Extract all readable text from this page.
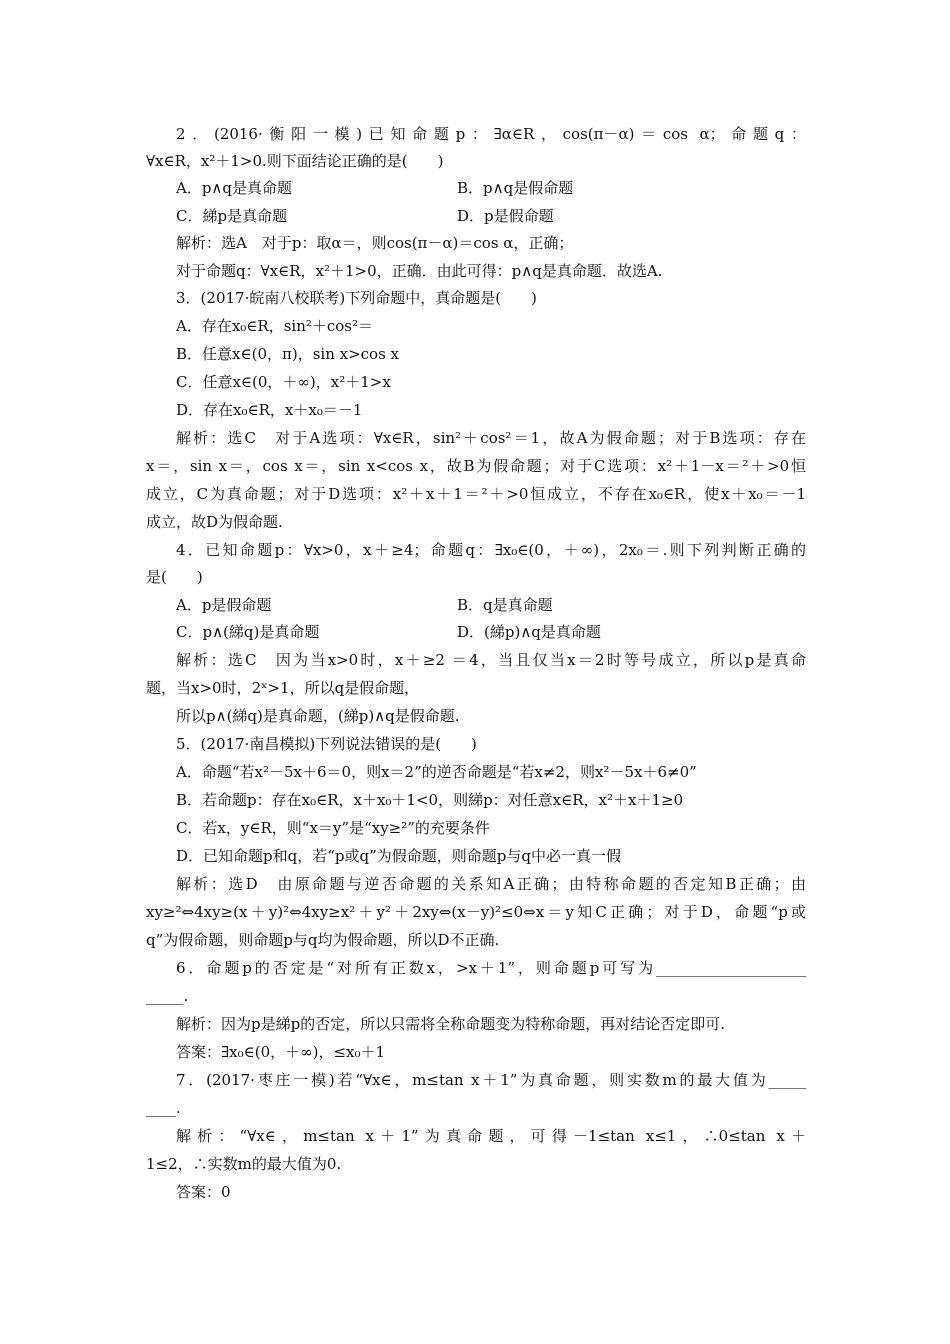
2．(2016·衡阳一模)已知命题p：∃α∈R，cos(π－α)＝cos α；命题q：
∀x∈R，x²＋1>0.则下面结论正确的是(　　)
A．p∧q是真命题	B．p∧q是假命题
C．綈p是真命题	D．p是假命题
解析：选A　对于p：取α＝，则cos(π－α)＝cos α，正确；
对于命题q：∀x∈R，x²＋1>0，正确．由此可得：p∧q是真命题．故选A.
3．(2017·皖南八校联考)下列命题中，真命题是(　　)
A．存在x₀∈R，sin²＋cos²＝
B．任意x∈(0，π)，sin x>cos x
C．任意x∈(0，＋∞)，x²＋1>x
D．存在x₀∈R，x＋x₀＝－1
解析：选C　对于A选项：∀x∈R，sin²＋cos²＝1，故A为假命题；对于B选项：存在
x＝，sin x＝，cos x＝，sin x<cos x，故B为假命题；对于C选项：x²＋1－x＝²＋>0恒
成立，C为真命题；对于D选项：x²＋x＋1＝²＋>0恒成立，不存在x₀∈R，使x＋x₀＝－1
成立，故D为假命题.
4．已知命题p：∀x>0，x＋≥4；命题q：∃x₀∈(0，＋∞)，2x₀＝.则下列判断正确的
是(　　)
A．p是假命题	B．q是真命题
C．p∧(綈q)是真命题	D．(綈p)∧q是真命题
解析：选C　因为当x>0时，x＋≥2 ＝4，当且仅当x＝2时等号成立，所以p是真命
题，当x>0时，2ˣ>1，所以q是假命题，
所以p∧(綈q)是真命题，(綈p)∧q是假命题.
5．(2017·南昌模拟)下列说法错误的是(　　)
A．命题“若x²－5x＋6＝0，则x＝2”的逆否命题是“若x≠2，则x²－5x＋6≠0”
B．若命题p：存在x₀∈R，x＋x₀＋1<0，则綈p：对任意x∈R，x²＋x＋1≥0
C．若x，y∈R，则“x＝y”是“xy≥²”的充要条件
D．已知命题p和q，若“p或q”为假命题，则命题p与q中必一真一假
解析：选D　由原命题与逆否命题的关系知A正确；由特称命题的否定知B正确；由
xy≥²⇔4xy≥(x＋y)²⇔4xy≥x²＋y²＋2xy⇔(x－y)²≤0⇔x＝y知C正确；对于D，命题“p或
q”为假命题，则命题p与q均为假命题，所以D不正确.
6．命题p的否定是“对所有正数x，>x＋1”，则命题p可写为____________________
_____.
解析：因为p是綈p的否定，所以只需将全称命题变为特称命题，再对结论否定即可.
答案：∃x₀∈(0，＋∞)，≤x₀＋1
7．(2017·枣庄一模)若“∀x∈，m≤tan x＋1”为真命题，则实数m的最大值为_____
____.
解析：“∀x∈，m≤tan x＋1”为真命题，可得－1≤tan x≤1，∴0≤tan x＋
1≤2，∴实数m的最大值为0.
答案：0
